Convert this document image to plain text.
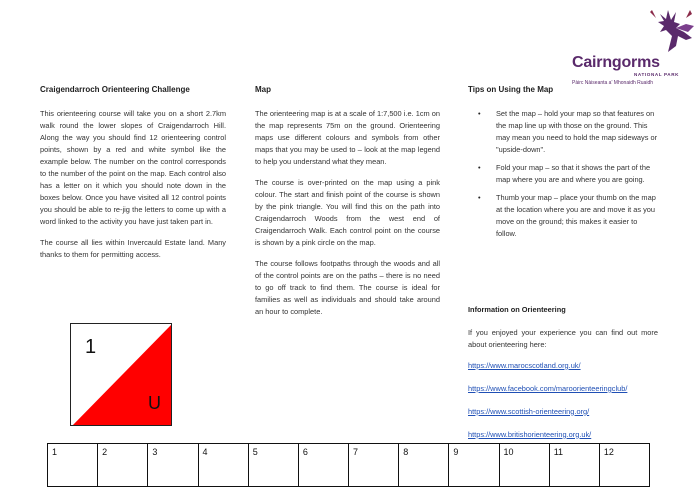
Cairngorms
NATIONAL PARK
Pàirc Nàiseanta a' Mhonaidh Ruaidh
Craigendarroch Orienteering Challenge

This orienteering course will take you on a short 2.7km walk round the lower slopes of Craigendarroch Hill. Along the way you should find 12 orienteering control points, shown by a red and white symbol like the example below. The number on the control corresponds to the number of the point on the map. Each control also has a letter on it which you should note down in the boxes below. Once you have visited all 12 control points you should be able to re-jig the letters to come up with a word linked to the activity you have just taken part in.

The course all lies within Invercauld Estate land. Many thanks to them for permitting access.

1
U
Map

The orienteering map is at a scale of 1:7,500 i.e. 1cm on the map represents 75m on the ground. Orienteering maps use different colours and symbols from other maps that you may be used to – look at the map legend to help you understand what they mean.

The course is over-printed on the map using a pink colour. The start and finish point of the course is shown by the pink triangle. You will find this on the path into Craigendarroch Woods from the west end of Craigendarroch Walk. Each control point on the course is shown by a pink circle on the map.

The course follows footpaths through the woods and all of the control points are on the paths – there is no need to go off track to find them. The course is ideal for families as well as individuals and should take around an hour to complete.

Tips on Using the Map
• Set the map – hold your map so that features on the map line up with those on the ground. This may mean you need to hold the map sideways or "upside-down".
• Fold your map – so that it shows the part of the map where you are and where you are going.
• Thumb your map – place your thumb on the map at the location where you are and move it as you move on the ground; this makes it easier to follow.
Information on Orienteering

If you enjoyed your experience you can find out more about orienteering here:

https://www.marocscotland.org.uk/
https://www.facebook.com/maroorienteeringclub/
https://www.scottish-orienteering.org/
https://www.britishorienteering.org.uk/
1	2	3	4	5	6	7	8	9	10	11	12
